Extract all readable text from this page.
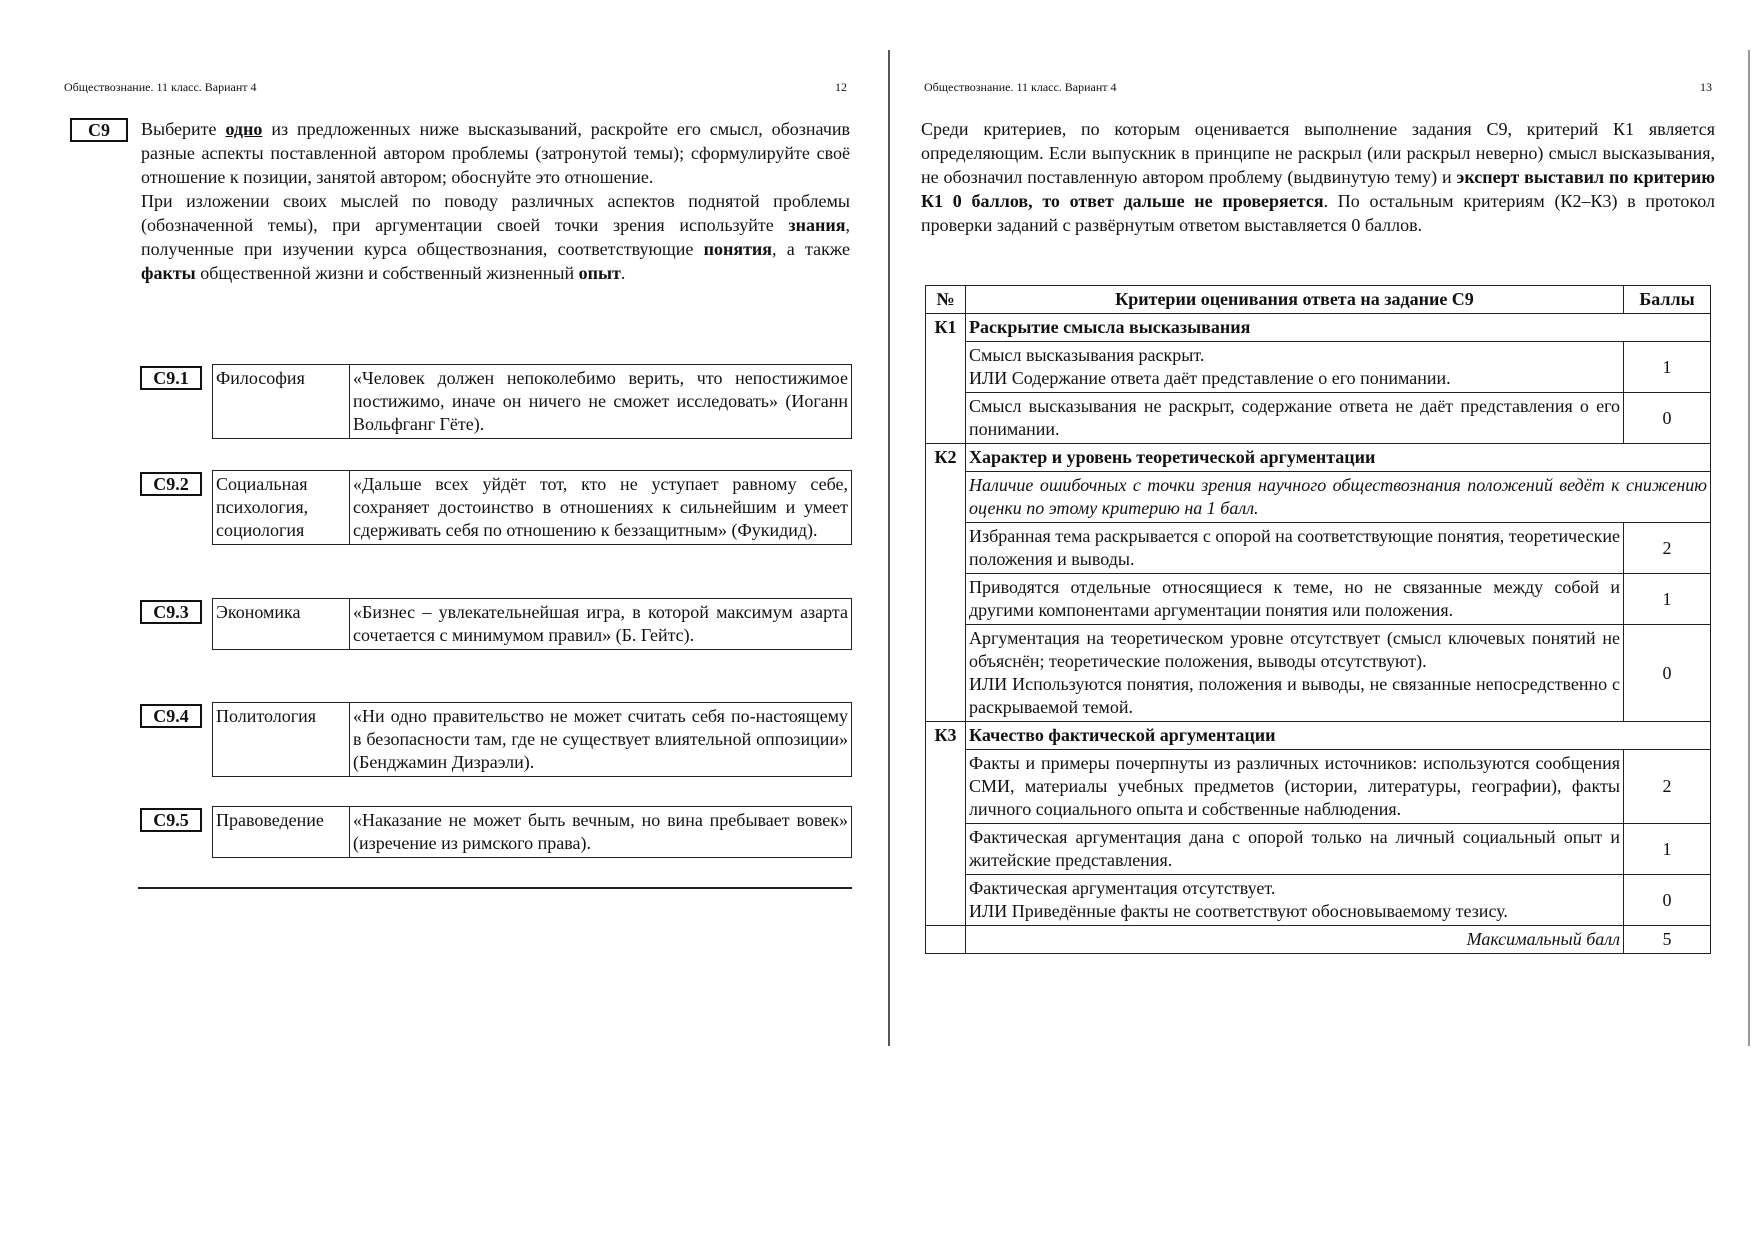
Обществознание. 11 класс. Вариант 4	12
С9	Выберите одно из предложенных ниже высказываний, раскройте его смысл, обозначив разные аспекты поставленной автором проблемы (затронутой темы); сформулируйте своё отношение к позиции, занятой автором; обоснуйте это отношение.

При изложении своих мыслей по поводу различных аспектов поднятой проблемы (обозначенной темы), при аргументации своей точки зрения используйте знания, полученные при изучении курса обществознания, соответствующие понятия, а также факты общественной жизни и собственный жизненный опыт.

С9.1	Философия	«Человек должен непоколебимо верить, что непостижимое постижимо, иначе он ничего не сможет исследовать» (Иоганн Вольфганг Гёте).
С9.2	Социальная психология, социология	«Дальше всех уйдёт тот, кто не уступает равному себе, сохраняет достоинство в отношениях к сильнейшим и умеет сдерживать себя по отношению к беззащитным» (Фукидид).
С9.3	Экономика	«Бизнес – увлекательнейшая игра, в которой максимум азарта сочетается с минимумом правил» (Б. Гейтс).
С9.4	Политология	«Ни одно правительство не может считать себя по-настоящему в безопасности там, где не существует влиятельной оппозиции» (Бенджамин Дизраэли).
С9.5	Правоведение	«Наказание не может быть вечным, но вина пребывает вовек» (изречение из римского права).
Обществознание. 11 класс. Вариант 4	13

Среди критериев, по которым оценивается выполнение задания С9, критерий К1 является определяющим. Если выпускник в принципе не раскрыл (или раскрыл неверно) смысл высказывания, не обозначил поставленную автором проблему (выдвинутую тему) и эксперт выставил по критерию К1 0 баллов, то ответ дальше не проверяется. По остальным критериям (К2–К3) в протокол проверки заданий с развёрнутым ответом выставляется 0 баллов.

№	Критерии оценивания ответа на задание С9	Баллы
К1	Раскрытие смысла высказывания	

	Смысл высказывания раскрыт.
ИЛИ Содержание ответа даёт представление о его понимании.	1
	Смысл высказывания не раскрыт, содержание ответа не даёт представления о его понимании.	0
К2	Характер и уровень теоретической аргументации	
	Наличие ошибочных с точки зрения научного обществознания положений ведёт к снижению оценки по этому критерию на 1 балл.	
	Избранная тема раскрывается с опорой на соответствующие понятия, теоретические положения и выводы.	2
	Приводятся отдельные относящиеся к теме, но не связанные между собой и другими компонентами аргументации понятия или положения.	1

	Аргументация на теоретическом уровне отсутствует (смысл ключевых понятий не объяснён; теоретические положения, выводы отсутствуют).
ИЛИ Используются понятия, положения и выводы, не связанные непосредственно с раскрываемой темой.	0
К3	Качество фактической аргументации	
	Факты и примеры почерпнуты из различных источников: используются сообщения СМИ, материалы учебных предметов (истории, литературы, географии), факты личного социального опыта и собственные наблюдения.	2
	Фактическая аргументация дана с опорой только на личный социальный опыт и житейские представления.	1

	Фактическая аргументация отсутствует.
ИЛИ Приведённые факты не соответствуют обосновываемому тезису.	0
	Максимальный балл	5
